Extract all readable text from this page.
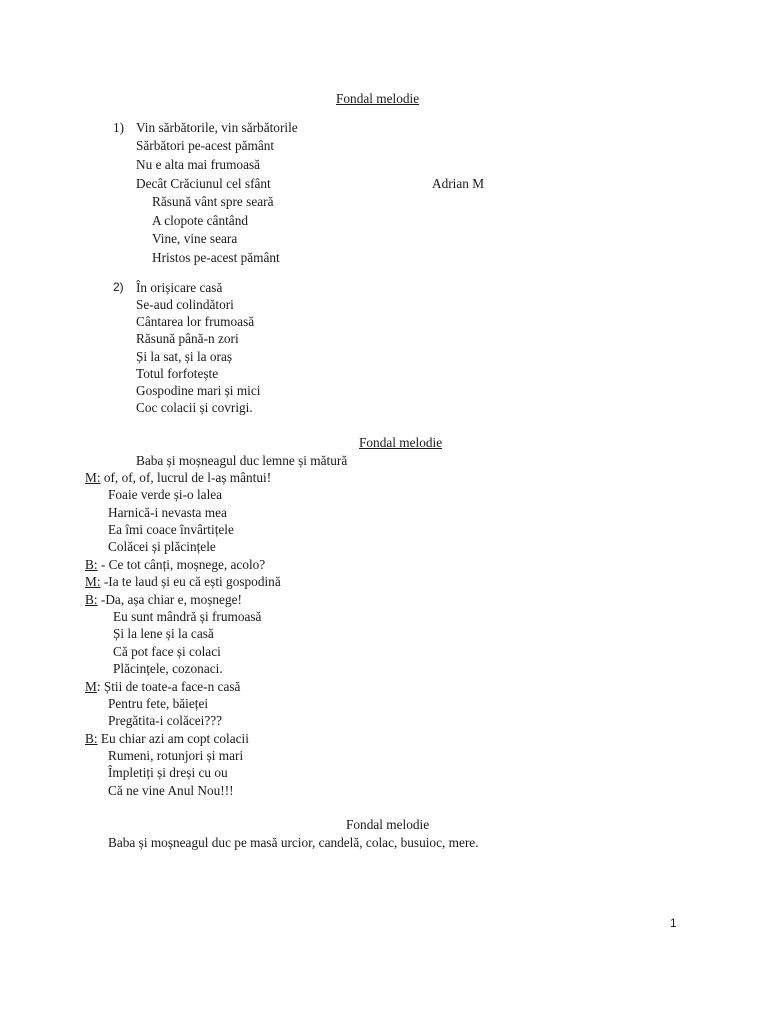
Fondal melodie
1) Vin sărbătorile, vin sărbătorile
Sărbători pe-acest pământ
Nu e alta mai frumoasă
Decât Crăciunul cel sfânt	Adrian M
Răsună vânt spre seară
A clopote cântând
Vine, vine seara
Hristos pe-acest pământ
2) În orișicare casă
Se-aud colindători
Cântarea lor frumoasă
Răsună până-n zori
Și la sat, și la oraș
Totul forfotește
Gospodine mari și mici
Coc colacii și covrigi.
Fondal melodie
Baba și moșneagul duc lemne și mătură
M: of, of, of, lucrul de l-aș mântui!
Foaie verde și-o lalea
Harnică-i nevasta mea
Ea îmi coace învârtițele
Colăcei și plăcințele
B: - Ce tot cânți, moșnege, acolo?
M: -Ia te laud și eu că ești gospodină
B: -Da, așa chiar e, moșnege!
Eu sunt mândră și frumoasă
Și la lene și la casă
Că pot face și colaci
Plăcințele, cozonaci.
M: Știi de toate-a face-n casă
Pentru fete, băieței
Pregătita-i colăcei???
B: Eu chiar azi am copt colacii
Rumeni, rotunjori și mari
Împletiți și dreși cu ou
Că ne vine Anul Nou!!!
Fondal melodie
Baba și moșneagul duc pe masă urcior, candelă, colac, busuioc, mere.
1
